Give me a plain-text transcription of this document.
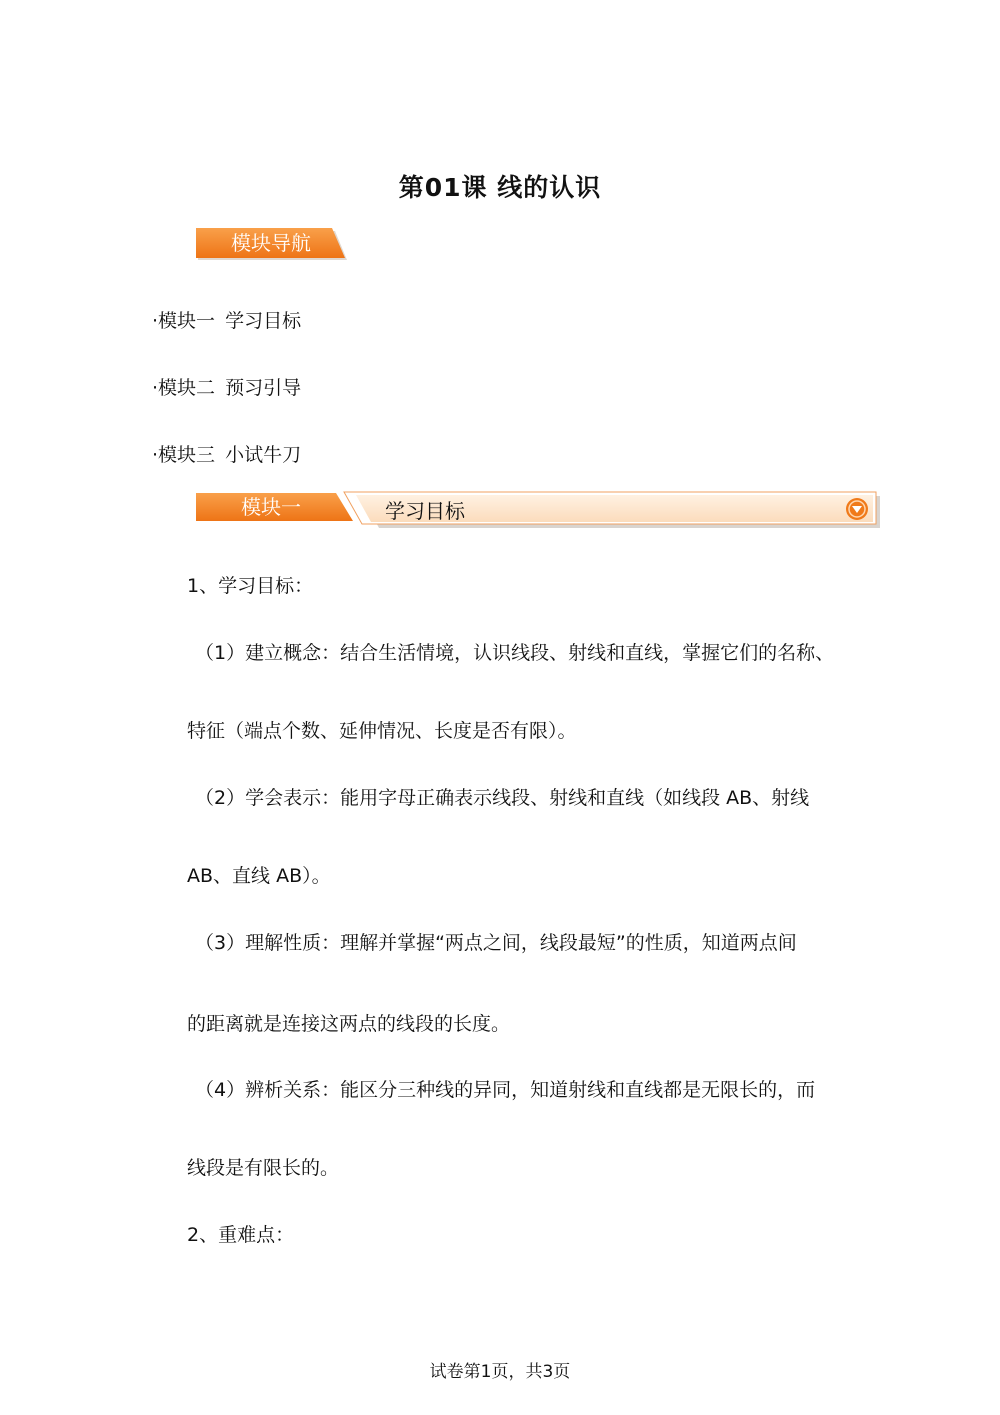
第01课 线的认识
模块导航
·模块一 学习目标
·模块二 预习引导
·模块三 小试牛刀
模块一	学习目标
1、学习目标：
（1）建立概念：结合生活情境，认识线段、射线和直线，掌握它们的名称、
特征（端点个数、延伸情况、长度是否有限）。
（2）学会表示：能用字母正确表示线段、射线和直线（如线段 AB、射线
AB、直线 AB）。
（3）理解性质：理解并掌握“两点之间，线段最短”的性质，知道两点间
的距离就是连接这两点的线段的长度。
（4）辨析关系：能区分三种线的异同，知道射线和直线都是无限长的，而
线段是有限长的。
2、重难点：
试卷第1页，共3页
